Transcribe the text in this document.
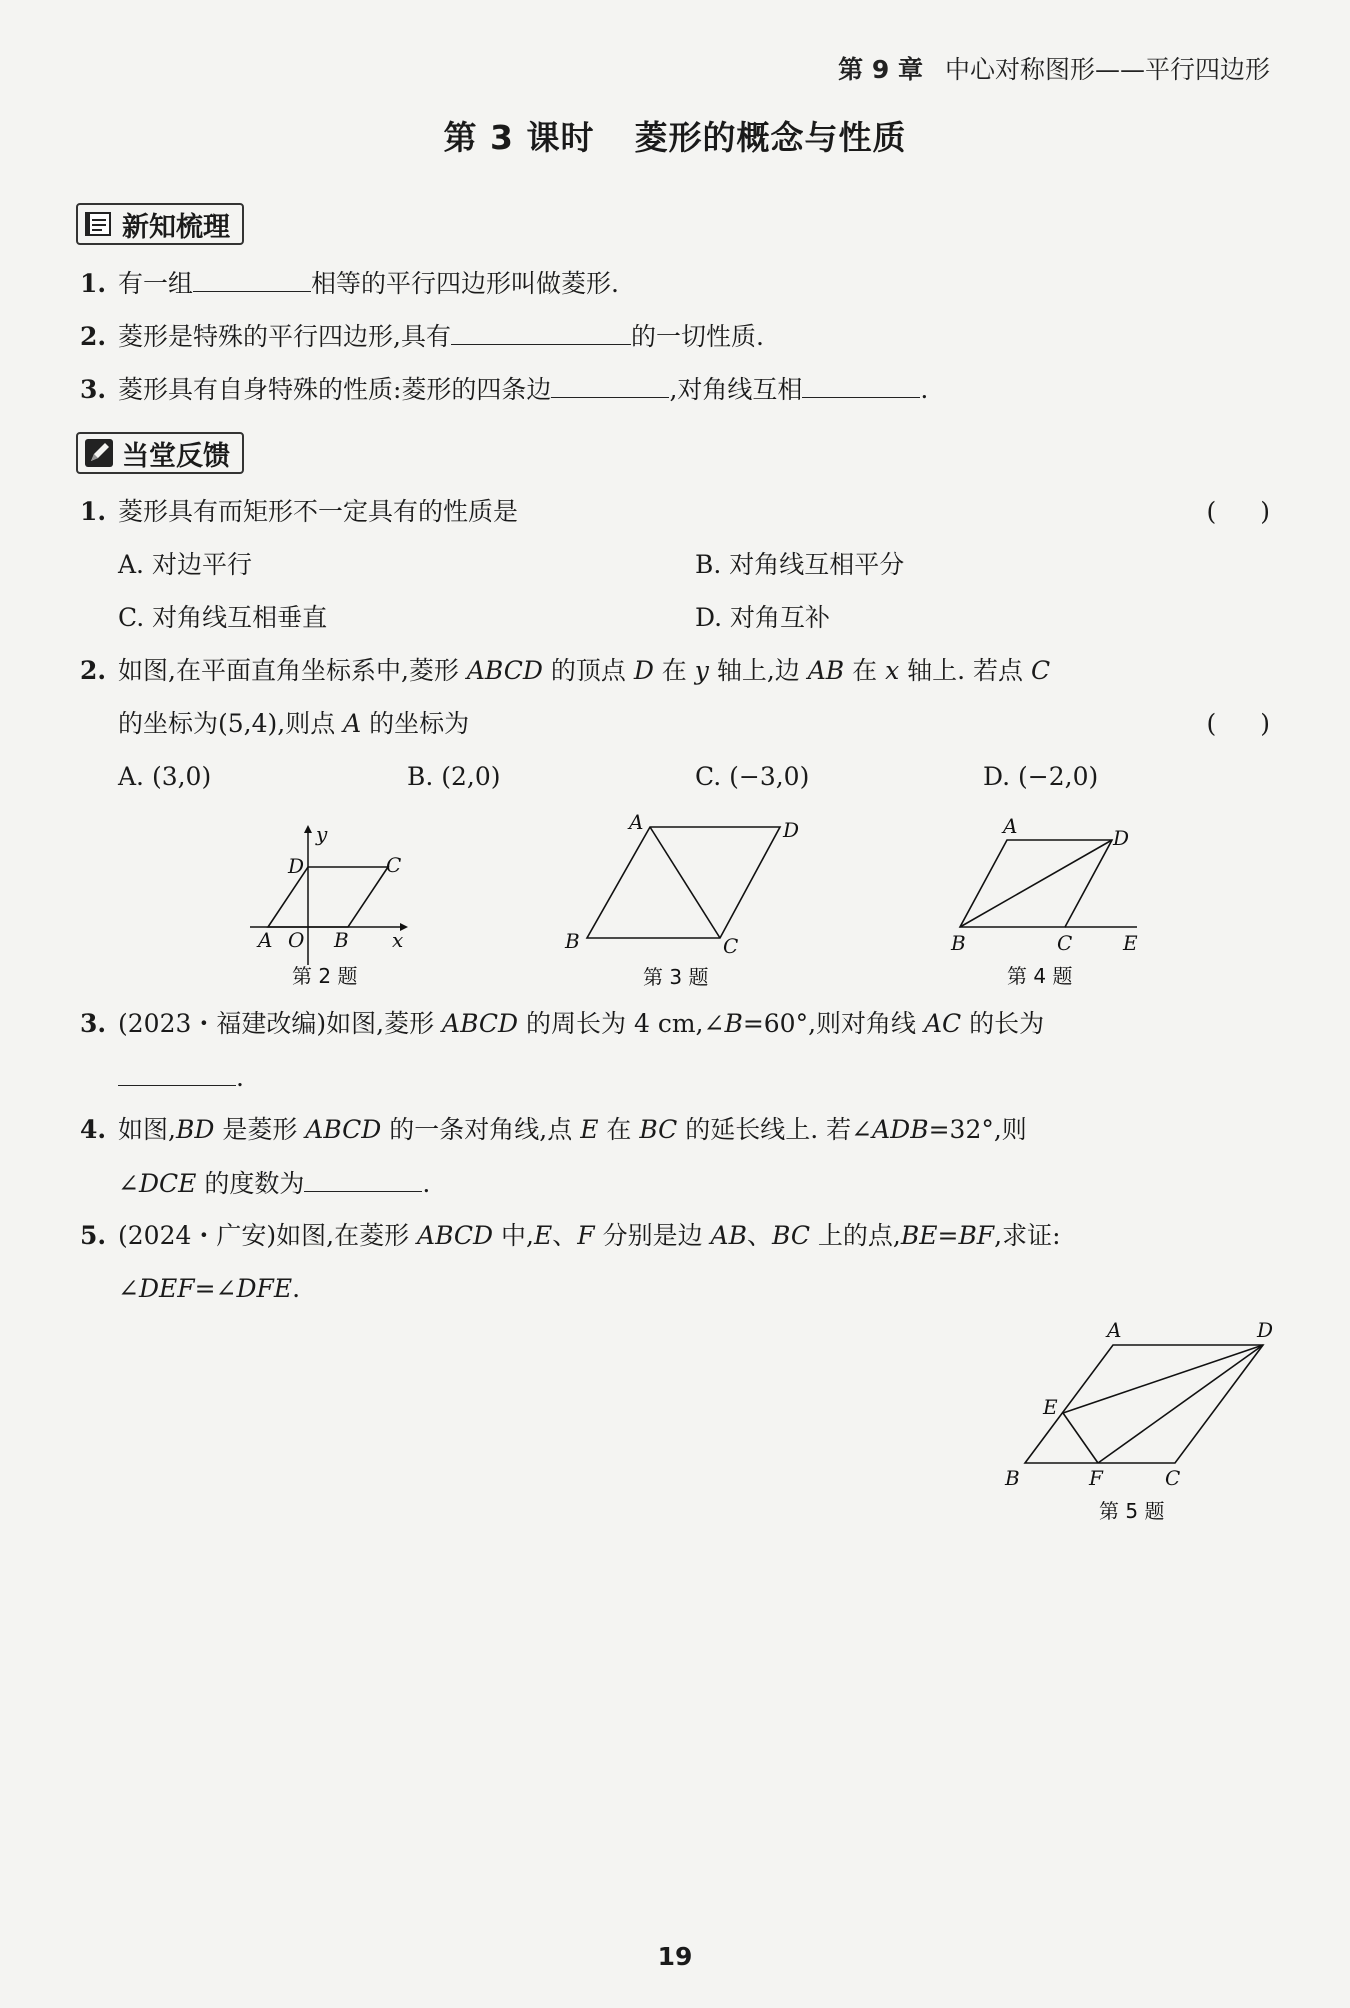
第 9 章 中心对称图形——平行四边形
第 3 课时 菱形的概念与性质
新知梳理
1. 有一组	相等的平行四边形叫做菱形.
2. 菱形是特殊的平行四边形,具有	的一切性质.
3. 菱形具有自身特殊的性质:菱形的四条边	,对角线互相	.
当堂反馈
1. 菱形具有而矩形不一定具有的性质是	( )
A. 对边平行	B. 对角线互相平分
C. 对角线互相垂直	D. 对角互补
2. 如图,在平面直角坐标系中,菱形 ABCD 的顶点 D 在 y 轴上,边 AB 在 x 轴上. 若点 C
的坐标为(5,4),则点 A 的坐标为	( )
A. (3,0)	B. (2,0)	C. (−3,0)	D. (−2,0)
y
D	C
A O B x
第 2 题
A	D
B	C
第 3 题
A	D
B	C	E
第 4 题
3. (2023・福建改编)如图,菱形 ABCD 的周长为 4 cm,∠B=60°,则对角线 AC 的长为
.
4. 如图,BD 是菱形 ABCD 的一条对角线,点 E 在 BC 的延长线上. 若∠ADB=32°,则
∠DCE 的度数为	.
5. (2024・广安)如图,在菱形 ABCD 中,E、F 分别是边 AB、BC 上的点,BE=BF,求证:
∠DEF=∠DFE.
A	D
E
B	F	C
第 5 题
19
